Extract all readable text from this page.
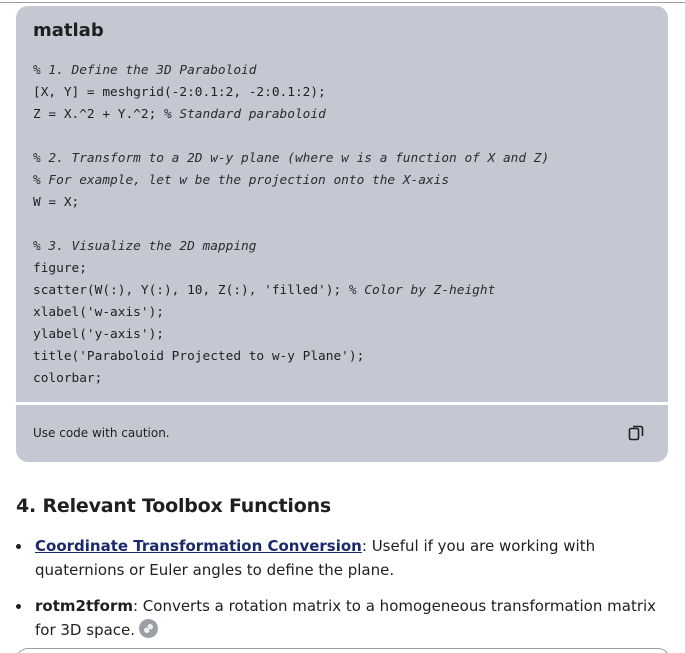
matlab
% 1. Define the 3D Paraboloid
[X, Y] = meshgrid(-2:0.1:2, -2:0.1:2);
Z = X.^2 + Y.^2; % Standard paraboloid
% 2. Transform to a 2D w-y plane (where w is a function of X and Z)
% For example, let w be the projection onto the X-axis
W = X;
% 3. Visualize the 2D mapping
figure;
scatter(W(:), Y(:), 10, Z(:), 'filled'); % Color by Z-height
xlabel('w-axis');
ylabel('y-axis');
title('Paraboloid Projected to w-y Plane');
colorbar;
Use code with caution.
4. Relevant Toolbox Functions
Coordinate Transformation Conversion: Useful if you are working with quaternions or Euler angles to define the plane.
rotm2tform: Converts a rotation matrix to a homogeneous transformation matrix for 3D space.
